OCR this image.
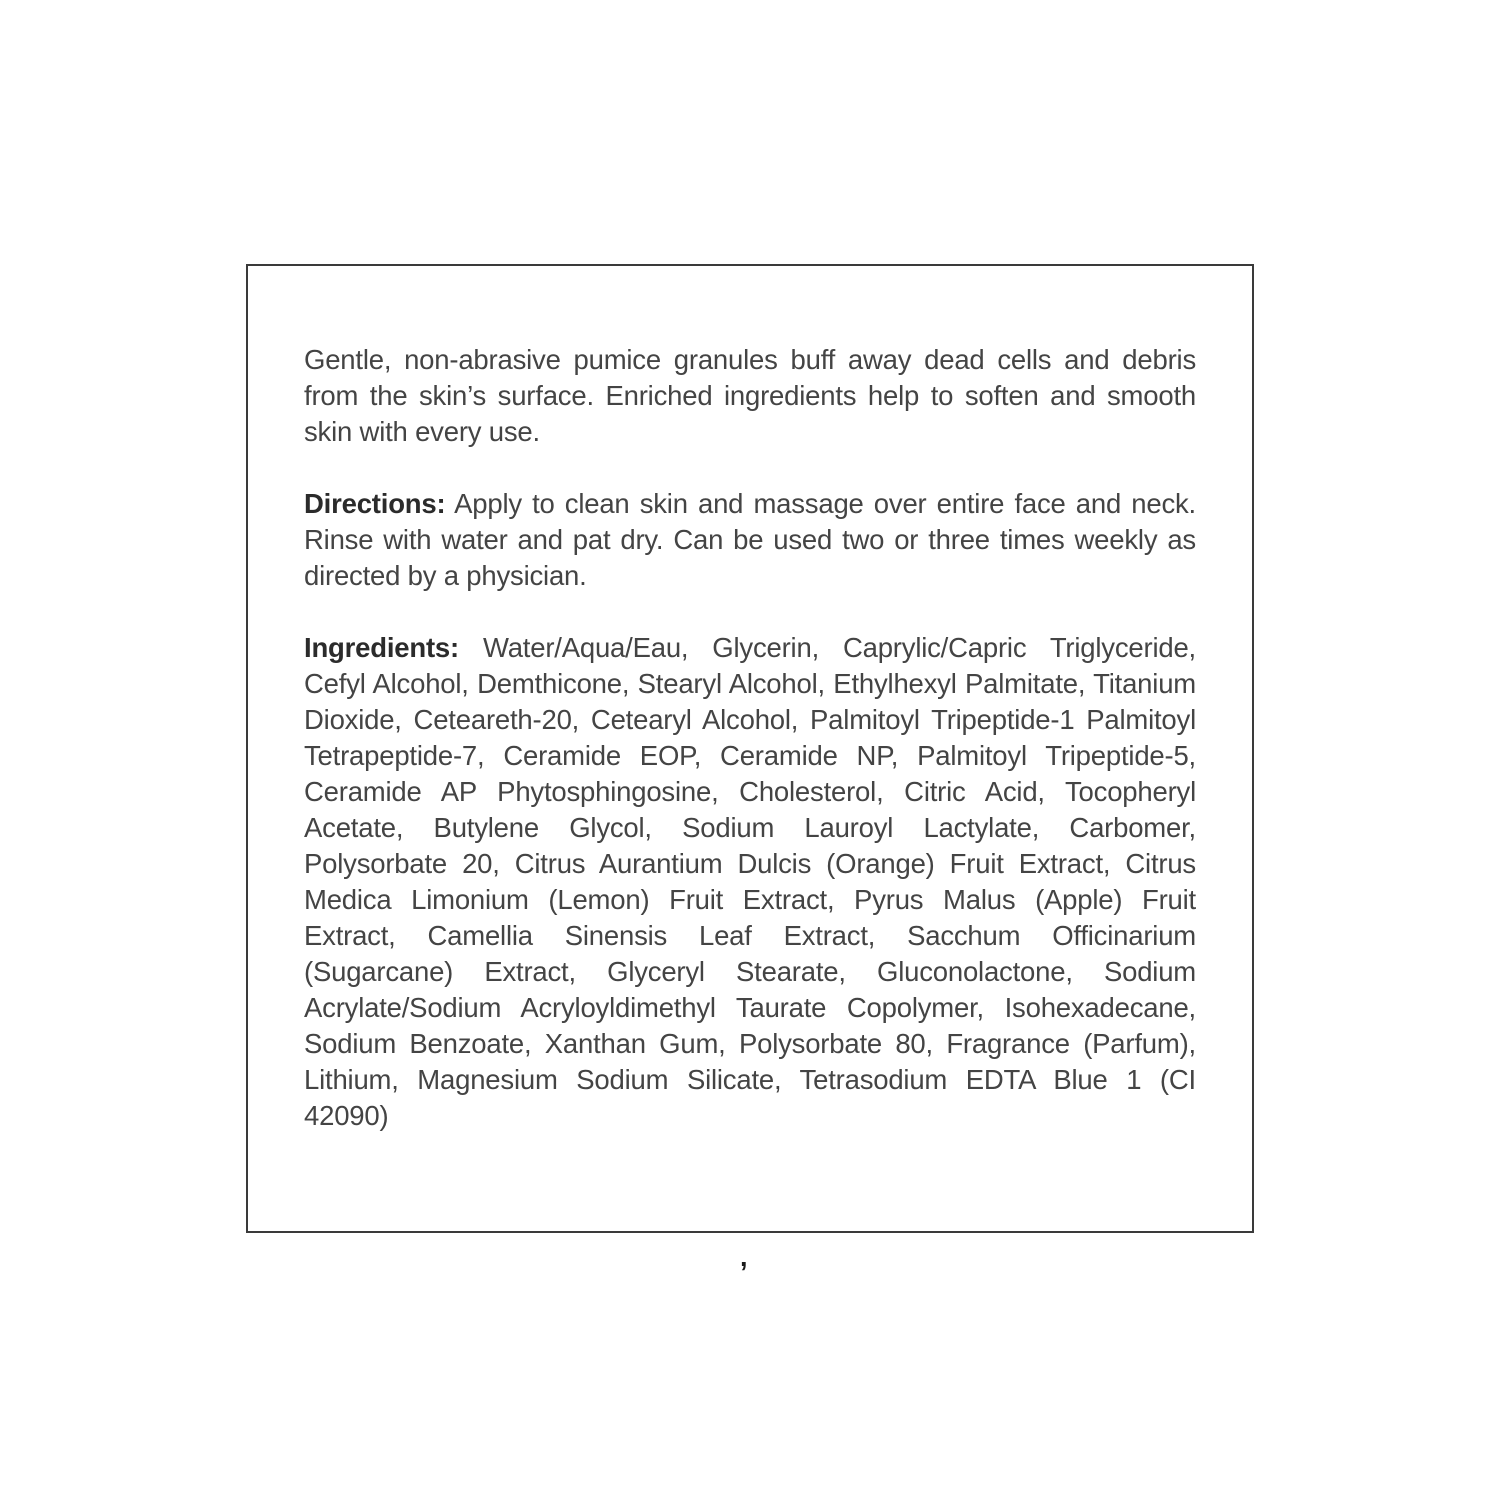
Gentle, non-abrasive pumice granules buff away dead cells and debris from the skin’s surface. Enriched ingredients help to soften and smooth skin with every use.

Directions: Apply to clean skin and massage over entire face and neck. Rinse with water and pat dry. Can be used two or three times weekly as directed by a physician.

Ingredients: Water/Aqua/Eau, Glycerin, Caprylic/Capric Triglyceride, Cefyl Alcohol, Demthicone, Stearyl Alcohol, Ethylhexyl Palmitate, Titanium Dioxide, Ceteareth-20, Cetearyl Alcohol, Palmitoyl Tripeptide-1 Palmitoyl Tetrapeptide-7, Ceramide EOP, Ceramide NP, Palmitoyl Tripeptide-5, Ceramide AP Phytosphingosine, Cholesterol, Citric Acid, Tocopheryl Acetate, Butylene Glycol, Sodium Lauroyl Lactylate, Carbomer, Polysorbate 20, Citrus Aurantium Dulcis (Orange) Fruit Extract, Citrus Medica Limonium (Lemon) Fruit Extract, Pyrus Malus (Apple) Fruit Extract, Camellia Sinensis Leaf Extract, Sacchum Officinarium (Sugarcane) Extract, Glyceryl Stearate, Gluconolactone, Sodium Acrylate/Sodium Acryloyldimethyl Taurate Copolymer, Isohexadecane, Sodium Benzoate, Xanthan Gum, Polysorbate 80, Fragrance (Parfum), Lithium, Magnesium Sodium Silicate, Tetrasodium EDTA Blue 1 (CI 42090)

,
